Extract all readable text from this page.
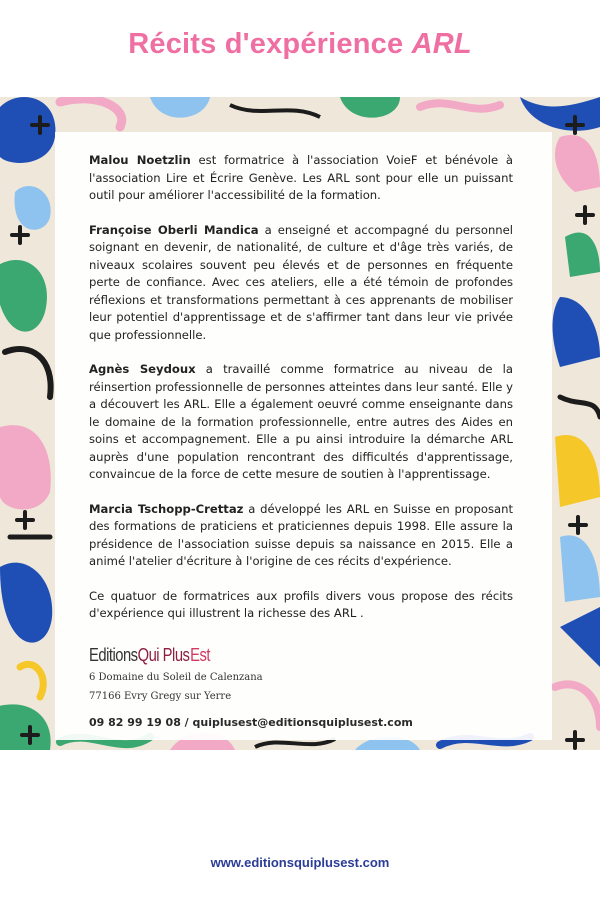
Récits d'expérience ARL

Malou Noetzlin est formatrice à l'association VoieF et bénévole à l'association Lire et Écrire Genève. Les ARL sont pour elle un puissant outil pour améliorer l'accessibilité de la formation.

Françoise Oberli Mandica a enseigné et accompagné du personnel soignant en devenir, de nationalité, de culture et d'âge très variés, de niveaux scolaires souvent peu élevés et de personnes en fréquente perte de confiance. Avec ces ateliers, elle a été témoin de profondes réflexions et transformations permettant à ces apprenants de mobiliser leur potentiel d'apprentissage et de s'affirmer tant dans leur vie privée que professionnelle.

Agnès Seydoux a travaillé comme formatrice au niveau de la réinsertion professionnelle de personnes atteintes dans leur santé. Elle y a découvert les ARL. Elle a également oeuvré comme enseignante dans le domaine de la formation professionnelle, entre autres des Aides en soins et accompagnement. Elle a pu ainsi introduire la démarche ARL auprès d'une population rencontrant des difficultés d'apprentissage, convaincue de la force de cette mesure de soutien à l'apprentissage.

Marcia Tschopp-Crettaz a développé les ARL en Suisse en proposant des formations de praticiens et praticiennes depuis 1998. Elle assure la présidence de l'association suisse depuis sa naissance en 2015. Elle a animé l'atelier d'écriture à l'origine de ces récits d'expérience.

Ce quatuor de formatrices aux profils divers vous propose des récits d'expérience qui illustrent la richesse des ARL .

EditionsQui Plus Est
6 Domaine du Soleil de Calenzana
77166 Evry Gregy sur Yerre
09 82 99 19 08 / quiplusest@editionsquiplusest.com
www.editionsquiplusest.com
